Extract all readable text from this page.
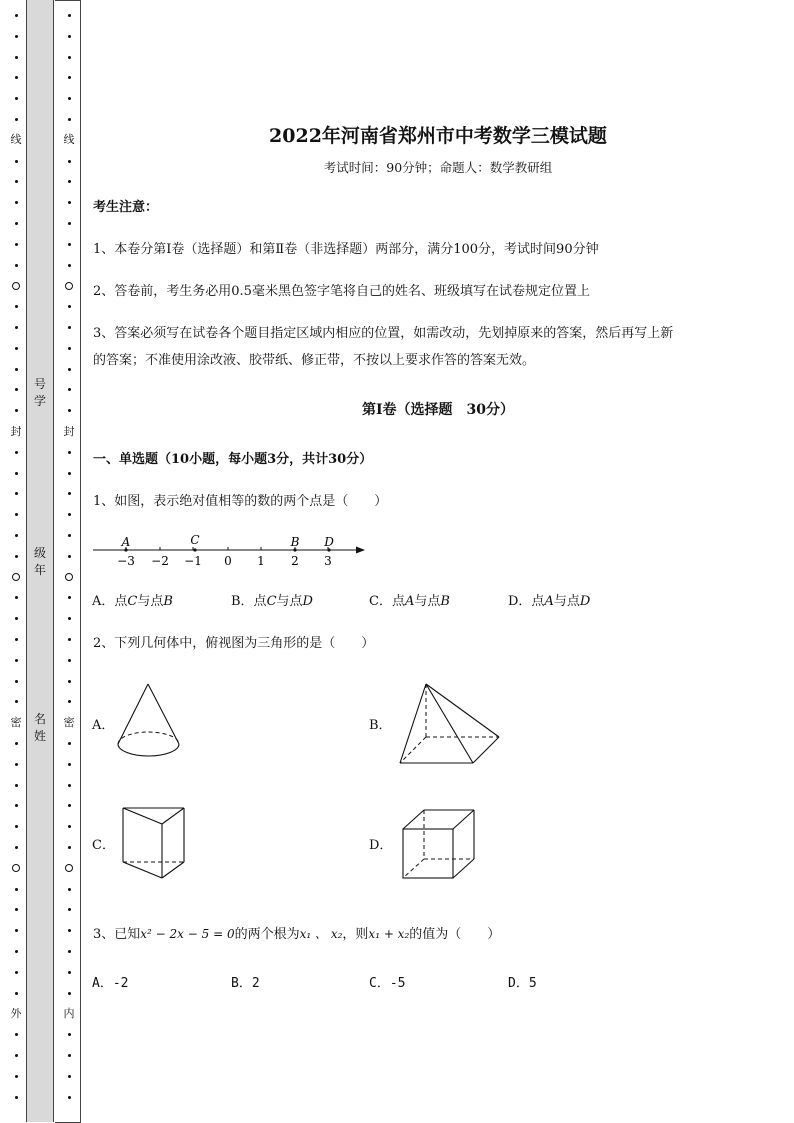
线
封
密
外
线
封
密
内
号
学
级
年
名
姓
2022年河南省郑州市中考数学三模试题
考试时间：90分钟；命题人：数学教研组
考生注意：
1、本卷分第Ⅰ卷（选择题）和第Ⅱ卷（非选择题）两部分，满分100分，考试时间90分钟
2、答卷前，考生务必用0.5毫米黑色签字笔将自己的姓名、班级填写在试卷规定位置上
3、答案必须写在试卷各个题目指定区域内相应的位置，如需改动，先划掉原来的答案，然后再写上新
的答案；不准使用涂改液、胶带纸、修正带，不按以上要求作答的答案无效。
第Ⅰ卷（选择题　30分）
一、单选题（10小题，每小题3分，共计30分）
1、如图，表示绝对值相等的数的两个点是（　　）
A	C	B D
−3 −2 −1 0 1 2 3
A．点C与点B	B．点C与点D	C．点A与点B	D．点A与点D
2、下列几何体中，俯视图为三角形的是（　　）
A．	B．
C．	D．
3、已知x² − 2x − 5 = 0的两个根为x₁ 、 x₂，则x₁ + x₂的值为（　　）
A．-2	B．2	C．-5	D．5
